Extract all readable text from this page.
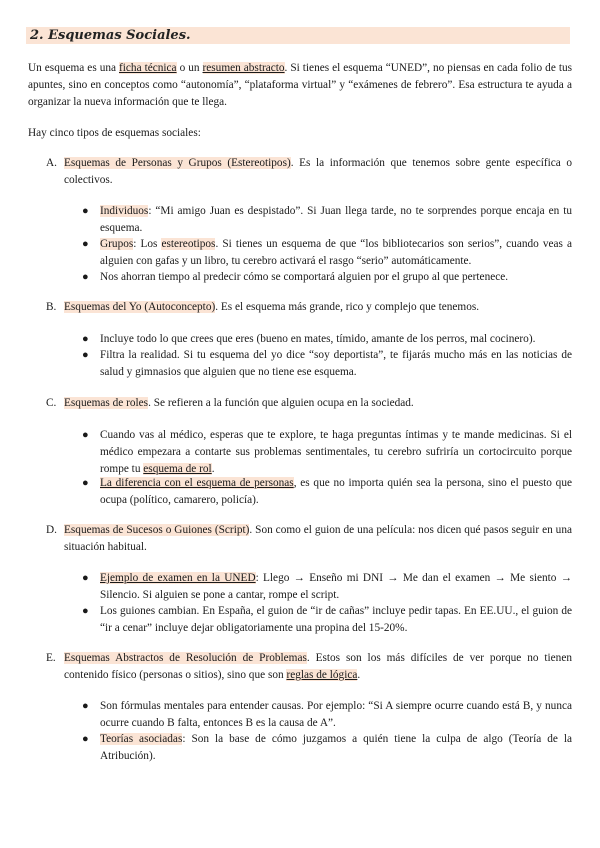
2. Esquemas Sociales.
Un esquema es una ficha técnica o un resumen abstracto. Si tienes el esquema “UNED”, no piensas en cada folio de tus apuntes, sino en conceptos como “autonomía”, “plataforma virtual” y “exámenes de febrero”. Esa estructura te ayuda a organizar la nueva información que te llega.
Hay cinco tipos de esquemas sociales:
A. Esquemas de Personas y Grupos (Estereotipos). Es la información que tenemos sobre gente específica o colectivos.
● Individuos: “Mi amigo Juan es despistado”. Si Juan llega tarde, no te sorprendes porque encaja en tu esquema.
● Grupos: Los estereotipos. Si tienes un esquema de que “los bibliotecarios son serios”, cuando veas a alguien con gafas y un libro, tu cerebro activará el rasgo “serio” automáticamente.
● Nos ahorran tiempo al predecir cómo se comportará alguien por el grupo al que pertenece.
B. Esquemas del Yo (Autoconcepto). Es el esquema más grande, rico y complejo que tenemos.
● Incluye todo lo que crees que eres (bueno en mates, tímido, amante de los perros, mal cocinero).
● Filtra la realidad. Si tu esquema del yo dice “soy deportista”, te fijarás mucho más en las noticias de salud y gimnasios que alguien que no tiene ese esquema.
C. Esquemas de roles. Se refieren a la función que alguien ocupa en la sociedad.
● Cuando vas al médico, esperas que te explore, te haga preguntas íntimas y te mande medicinas. Si el médico empezara a contarte sus problemas sentimentales, tu cerebro sufriría un cortocircuito porque rompe tu esquema de rol.
● La diferencia con el esquema de personas, es que no importa quién sea la persona, sino el puesto que ocupa (político, camarero, policía).
D. Esquemas de Sucesos o Guiones (Script). Son como el guion de una película: nos dicen qué pasos seguir en una situación habitual.
● Ejemplo de examen en la UNED: Llego → Enseño mi DNI → Me dan el examen → Me siento → Silencio. Si alguien se pone a cantar, rompe el script.
● Los guiones cambian. En España, el guion de “ir de cañas” incluye pedir tapas. En EE.UU., el guion de “ir a cenar” incluye dejar obligatoriamente una propina del 15-20%.
E. Esquemas Abstractos de Resolución de Problemas. Estos son los más difíciles de ver porque no tienen contenido físico (personas o sitios), sino que son reglas de lógica.
● Son fórmulas mentales para entender causas. Por ejemplo: “Si A siempre ocurre cuando está B, y nunca ocurre cuando B falta, entonces B es la causa de A”.
● Teorías asociadas: Son la base de cómo juzgamos a quién tiene la culpa de algo (Teoría de la Atribución).
